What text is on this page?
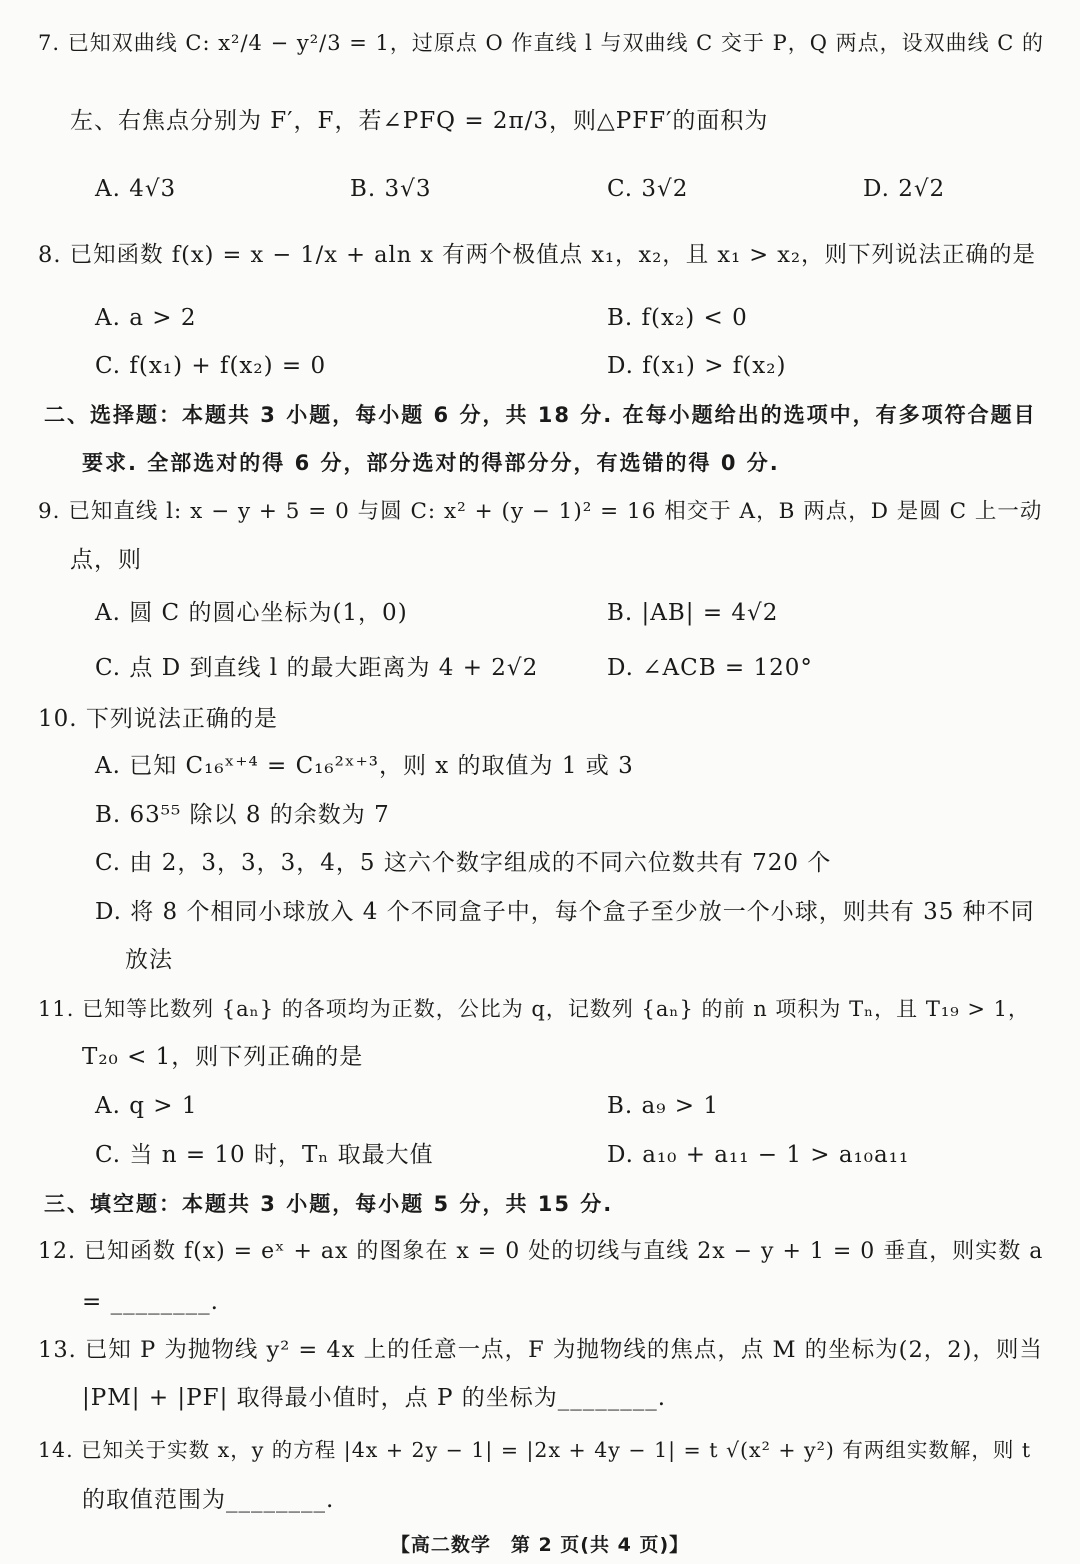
7. 已知双曲线 C: x²/4 − y²/3 = 1，过原点 O 作直线 l 与双曲线 C 交于 P，Q 两点，设双曲线 C 的
左、右焦点分别为 F′，F，若∠PFQ = 2π/3，则△PFF′的面积为
A. 4√3	B. 3√3	C. 3√2	D. 2√2
8. 已知函数 f(x) = x − 1/x + aln x 有两个极值点 x₁，x₂，且 x₁ > x₂，则下列说法正确的是
A. a > 2	B. f(x₂) < 0
C. f(x₁) + f(x₂) = 0	D. f(x₁) > f(x₂)
二、选择题：本题共 3 小题，每小题 6 分，共 18 分. 在每小题给出的选项中，有多项符合题目
要求. 全部选对的得 6 分，部分选对的得部分分，有选错的得 0 分.
9. 已知直线 l: x − y + 5 = 0 与圆 C: x² + (y − 1)² = 16 相交于 A，B 两点，D 是圆 C 上一动
点，则
A. 圆 C 的圆心坐标为(1，0)	B. |AB| = 4√2
C. 点 D 到直线 l 的最大距离为 4 + 2√2	D. ∠ACB = 120°
10. 下列说法正确的是
A. 已知 C₁₆ˣ⁺⁴ = C₁₆²ˣ⁺³，则 x 的取值为 1 或 3
B. 63⁵⁵ 除以 8 的余数为 7
C. 由 2，3，3，3，4，5 这六个数字组成的不同六位数共有 720 个
D. 将 8 个相同小球放入 4 个不同盒子中，每个盒子至少放一个小球，则共有 35 种不同
放法
11. 已知等比数列 {aₙ} 的各项均为正数，公比为 q，记数列 {aₙ} 的前 n 项积为 Tₙ，且 T₁₉ > 1，
T₂₀ < 1，则下列正确的是
A. q > 1	B. a₉ > 1
C. 当 n = 10 时，Tₙ 取最大值	D. a₁₀ + a₁₁ − 1 > a₁₀a₁₁
三、填空题：本题共 3 小题，每小题 5 分，共 15 分.
12. 已知函数 f(x) = eˣ + ax 的图象在 x = 0 处的切线与直线 2x − y + 1 = 0 垂直，则实数 a
= ________.
13. 已知 P 为抛物线 y² = 4x 上的任意一点，F 为抛物线的焦点，点 M 的坐标为(2，2)，则当
|PM| + |PF| 取得最小值时，点 P 的坐标为________.
14. 已知关于实数 x，y 的方程 |4x + 2y − 1| = |2x + 4y − 1| = t √(x² + y²) 有两组实数解，则 t
的取值范围为________.
【高二数学　第 2 页(共 4 页)】
